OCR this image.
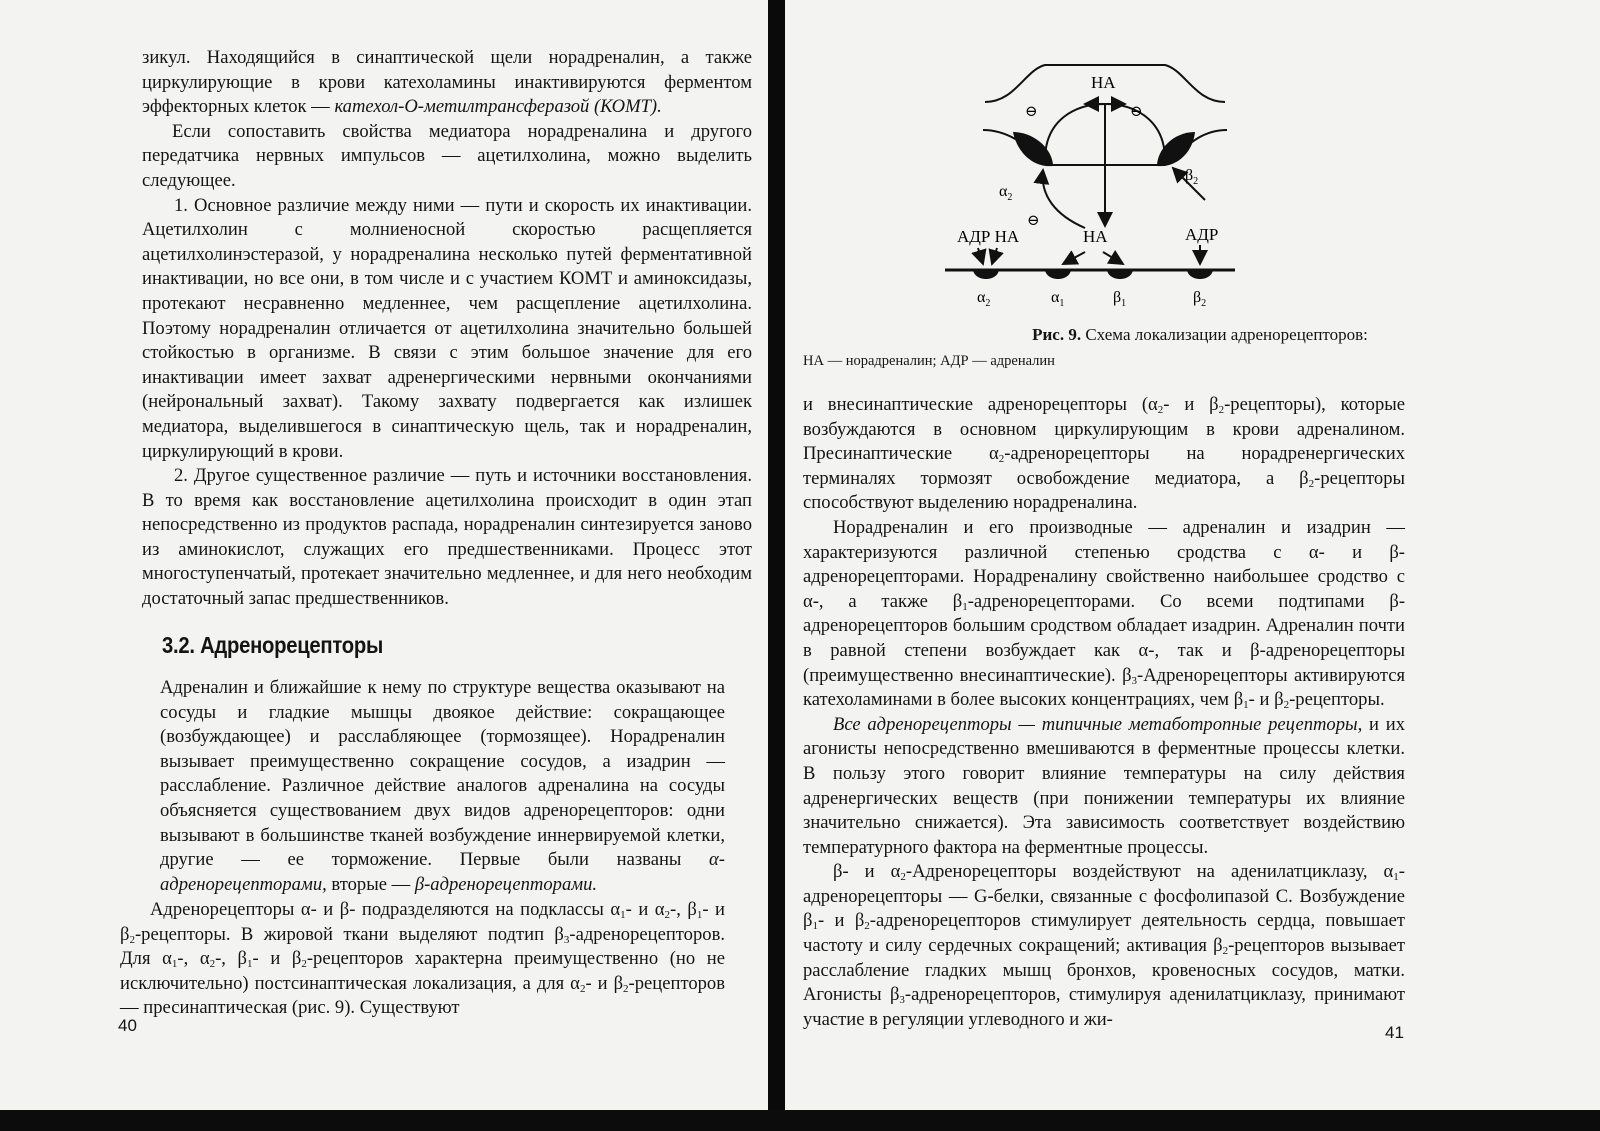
зикул. Находящийся в синаптической щели норадреналин, а также циркулирующие в крови катехоламины инактивируются ферментом эффекторных клеток — катехол-О-метилтрансферазой (КОМТ).

Если сопоставить свойства медиатора норадреналина и другого передатчика нервных импульсов — ацетилхолина, можно выделить следующее.

1. Основное различие между ними — пути и скорость их инактивации. Ацетилхолин с молниеносной скоростью расщепляется ацетилхолинэстеразой, у норадреналина несколько путей ферментативной инактивации, но все они, в том числе и с участием КОМТ и аминоксидазы, протекают несравненно медленнее, чем расщепление ацетилхолина. Поэтому норадреналин отличается от ацетилхолина значительно большей стойкостью в организме. В связи с этим большое значение для его инактивации имеет захват адренергическими нервными окончаниями (нейрональный захват). Такому захвату подвергается как излишек медиатора, выделившегося в синаптическую щель, так и норадреналин, циркулирующий в крови.

2. Другое существенное различие — путь и источники восстановления. В то время как восстановление ацетилхолина происходит в один этап непосредственно из продуктов распада, норадреналин синтезируется заново из аминокислот, служащих его предшественниками. Процесс этот многоступенчатый, протекает значительно медленнее, и для него необходим достаточный запас предшественников.

3.2. Адренорецепторы

Адреналин и ближайшие к нему по структуре вещества оказывают на сосуды и гладкие мышцы двоякое действие: сокращающее (возбуждающее) и расслабляющее (тормозящее). Норадреналин вызывает преимущественно сокращение сосудов, а изадрин — расслабление. Различное действие аналогов адреналина на сосуды объясняется существованием двух видов адренорецепторов: одни вызывают в большинстве тканей возбуждение иннервируемой клетки, другие — ее торможение. Первые были названы α-адренорецепторами, вторые — β-адренорецепторами.

Адренорецепторы α- и β- подразделяются на подклассы $\alpha_1-$ и $\alpha_2-$, $\beta_1-$ и $\beta_2$-рецепторы. В жировой ткани выделяют подтип $\beta_3$-адренорецепторов. Для $\alpha_1-$, $\alpha_2-$, $\beta_1-$ и $\beta_2$-рецепторов характерна преимущественно (но не исключительно) постсинаптическая локализация, а для $\alpha_2-$ и $\beta_2$-рецепторов — пресинаптическая (рис. 9). Существуют

40
НА
⊖	⊖
$\alpha_2$
⊖
$\beta_2$
АДР НА	НА	АДР
$\alpha_2$	$\alpha_1$	$\beta_1$	$\beta_2$
Рис. 9. Схема локализации адренорецепторов:
НА — норадреналин; АДР — адреналин

и внесинаптические адренорецепторы ($\alpha_2-$ и $\beta_2-рецепторы$), которые возбуждаются в основном циркулирующим в крови адреналином. Пресинаптические $\alpha_2$-адренорецепторы на норадренергических терминалях тормозят освобождение медиатора, а $\beta_2$-рецепторы способствуют выделению норадреналина.

Норадреналин и его производные — адреналин и изадрин — характеризуются различной степенью сродства с α- и β-адренорецепторами. Норадреналину свойственно наибольшее сродство с α-, а также $\beta_1$-адренорецепторами. Со всеми подтипами β-адренорецепторов большим сродством обладает изадрин. Адреналин почти в равной степени возбуждает как α-, так и β-адренорецепторы (преимущественно внесинаптические). $\beta_3$-Адренорецепторы активируются катехоламинами в более высоких концентрациях, чем $\beta_1-$ и $\beta_2$-рецепторы.

Все адренорецепторы — типичные метаботропные рецепторы, и их агонисты непосредственно вмешиваются в ферментные процессы клетки. В пользу этого говорит влияние температуры на силу действия адренергических веществ (при понижении температуры их влияние значительно снижается). Эта зависимость соответствует воздействию температурного фактора на ферментные процессы.

β- и $\alpha_2$-Адренорецепторы воздействуют на аденилатциклазу, $\alpha_1$-адренорецепторы — G-белки, связанные с фосфолипазой С. Возбуждение $\beta_1-$ и $\beta_2$-адренорецепторов стимулирует деятельность сердца, повышает частоту и силу сердечных сокращений; активация $\beta_2$-рецепторов вызывает расслабление гладких мышц бронхов, кровеносных сосудов, матки. Агонисты $\beta_3$-адренорецепторов, стимулируя аденилатциклазу, принимают участие в регуляции углеводного и жи-

41
